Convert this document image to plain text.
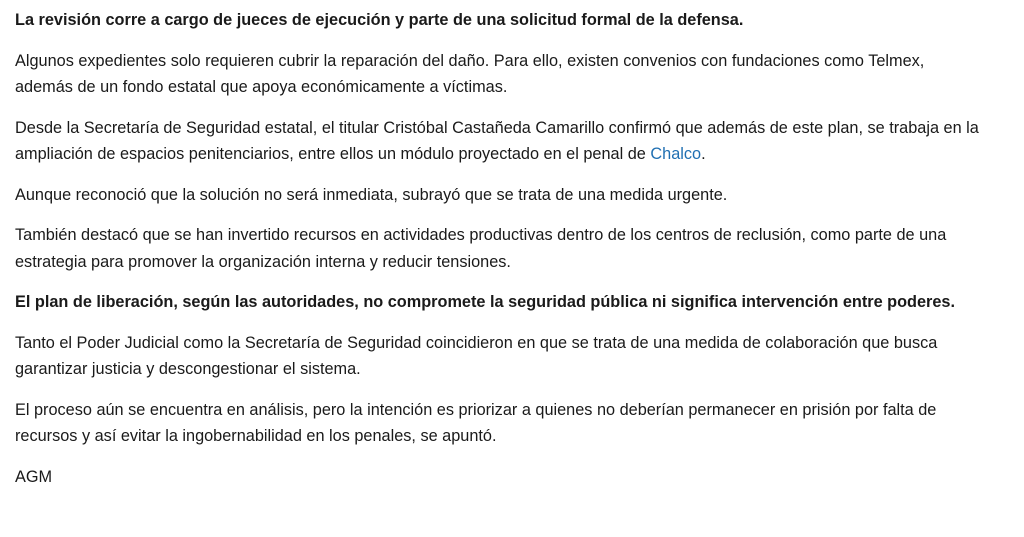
La revisión corre a cargo de jueces de ejecución y parte de una solicitud formal de la defensa.

Algunos expedientes solo requieren cubrir la reparación del daño. Para ello, existen convenios con fundaciones como Telmex, además de un fondo estatal que apoya económicamente a víctimas.

Desde la Secretaría de Seguridad estatal, el titular Cristóbal Castañeda Camarillo confirmó que además de este plan, se trabaja en la ampliación de espacios penitenciarios, entre ellos un módulo proyectado en el penal de Chalco.

Aunque reconoció que la solución no será inmediata, subrayó que se trata de una medida urgente.

También destacó que se han invertido recursos en actividades productivas dentro de los centros de reclusión, como parte de una estrategia para promover la organización interna y reducir tensiones.

El plan de liberación, según las autoridades, no compromete la seguridad pública ni significa intervención entre poderes.

Tanto el Poder Judicial como la Secretaría de Seguridad coincidieron en que se trata de una medida de colaboración que busca garantizar justicia y descongestionar el sistema.

El proceso aún se encuentra en análisis, pero la intención es priorizar a quienes no deberían permanecer en prisión por falta de recursos y así evitar la ingobernabilidad en los penales, se apuntó.

AGM
